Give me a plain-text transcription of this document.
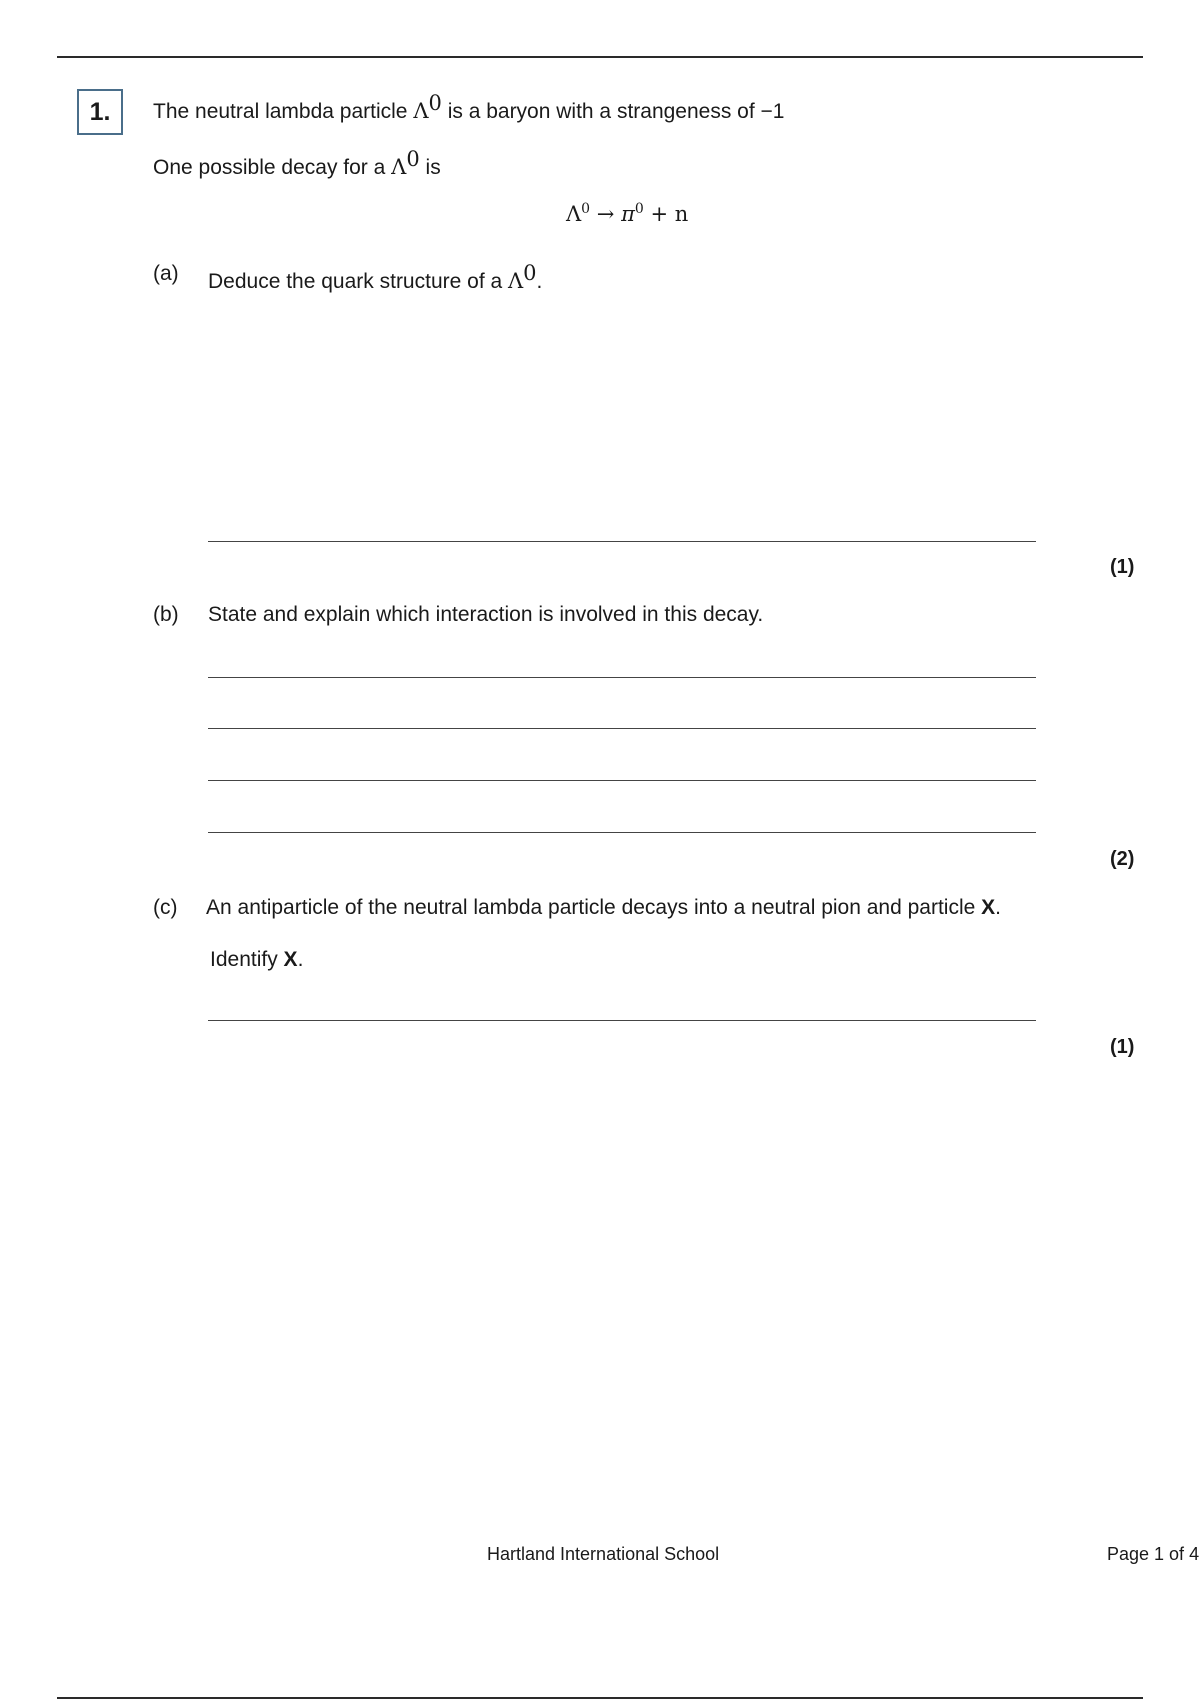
1.	The neutral lambda particle $\Lambda^0$ is a baryon with a strangeness of −1
One possible decay for a $\Lambda^0$ is
$\Lambda^0 \to \pi^0 + n$
(a) Deduce the quark structure of a $\Lambda^0$.
(1)
(b) State and explain which interaction is involved in this decay.
(2)
(c) An antiparticle of the neutral lambda particle decays into a neutral pion and particle X.
Identify X.
(1)
Hartland International School	Page 1 of 4
